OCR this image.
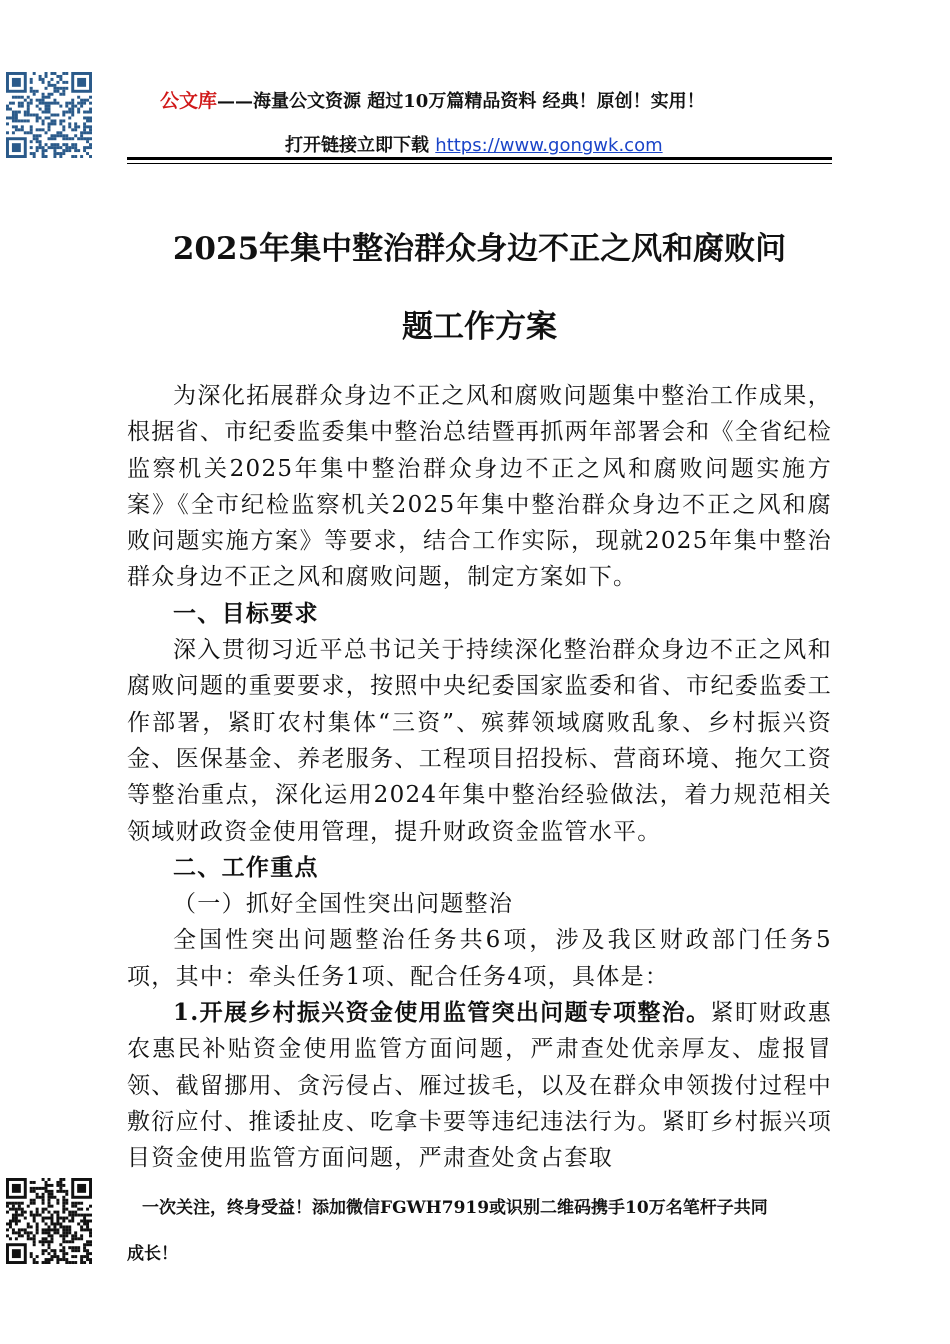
公文库——海量公文资源 超过10万篇精品资料 经典！原创！实用！
打开链接立即下载 https://www.gongwk.com
2025年集中整治群众身边不正之风和腐败问
题工作方案

为深化拓展群众身边不正之风和腐败问题集中整治工作成果，根据省、市纪委监委集中整治总结暨再抓两年部署会和《全省纪检监察机关2025年集中整治群众身边不正之风和腐败问题实施方案》《全市纪检监察机关2025年集中整治群众身边不正之风和腐败问题实施方案》等要求，结合工作实际，现就2025年集中整治群众身边不正之风和腐败问题，制定方案如下。

一、目标要求

深入贯彻习近平总书记关于持续深化整治群众身边不正之风和腐败问题的重要要求，按照中央纪委国家监委和省、市纪委监委工作部署，紧盯农村集体“三资”、殡葬领域腐败乱象、乡村振兴资金、医保基金、养老服务、工程项目招投标、营商环境、拖欠工资等整治重点，深化运用2024年集中整治经验做法，着力规范相关领域财政资金使用管理，提升财政资金监管水平。

二、工作重点

（一）抓好全国性突出问题整治

全国性突出问题整治任务共6项，涉及我区财政部门任务5项，其中：牵头任务1项、配合任务4项，具体是：

1.开展乡村振兴资金使用监管突出问题专项整治。紧盯财政惠农惠民补贴资金使用监管方面问题，严肃查处优亲厚友、虚报冒领、截留挪用、贪污侵占、雁过拔毛，以及在群众申领拨付过程中敷衍应付、推诿扯皮、吃拿卡要等违纪违法行为。紧盯乡村振兴项目资金使用监管方面问题，严肃查处贪占套取

一次关注，终身受益！添加微信FGWH7919或识别二维码携手10万名笔杆子共同
成长！
